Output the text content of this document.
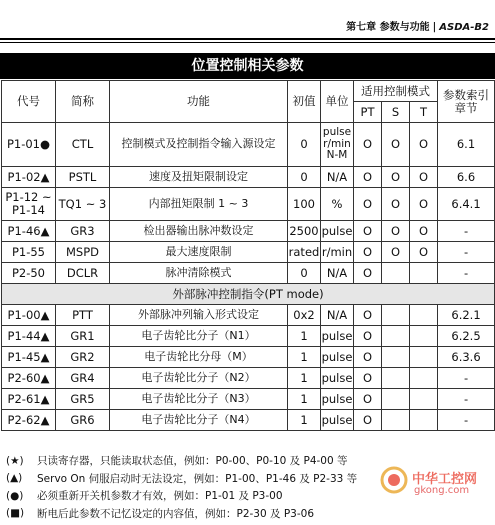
第七章 参数与功能 | ASDA-B2
位置控制相关参数
代号	简称	功能	初值	单位	适用控制模式			参数索引章节
					PT	S	T	
P1-01●	CTL	控制模式及控制指令输入源设定	0	pulse r/min N-M	O	O	O	6.1
P1-02▲	PSTL	速度及扭矩限制设定	0	N/A	O	O	O	6.6
P1-12 ~ P1-14	TQ1 ~ 3	内部扭矩限制 1 ~ 3	100	%	O	O	O	6.4.1
P1-46▲	GR3	检出器输出脉冲数设定	2500	pulse	O	O	O	-
P1-55	MSPD	最大速度限制	rated	r/min	O	O	O	-
P2-50	DCLR	脉冲清除模式	0	N/A	O			-
外部脉冲控制指令(PT mode)								
P1-00▲	PTT	外部脉冲列输入形式设定	0x2	N/A	O			6.2.1
P1-44▲	GR1	电子齿轮比分子（N1）	1	pulse	O			6.2.5
P1-45▲	GR2	电子齿轮比分母（M）	1	pulse	O			6.3.6
P2-60▲	GR4	电子齿轮比分子（N2）	1	pulse	O			-
P2-61▲	GR5	电子齿轮比分子（N3）	1	pulse	O			-
P2-62▲	GR6	电子齿轮比分子（N4）	1	pulse	O			-
(★)	只读寄存器，只能读取状态值，例如：P0-00、P0-10 及 P4-00 等
(▲)	Servo On 伺服启动时无法设定，例如：P1-00、P1-46 及 P2-33 等
(●)	必须重新开关机参数才有效，例如：P1-01 及 P3-00
(■)	断电后此参数不记忆设定的内容值，例如：P2-30 及 P3-06
中华工控网
gkong.com
